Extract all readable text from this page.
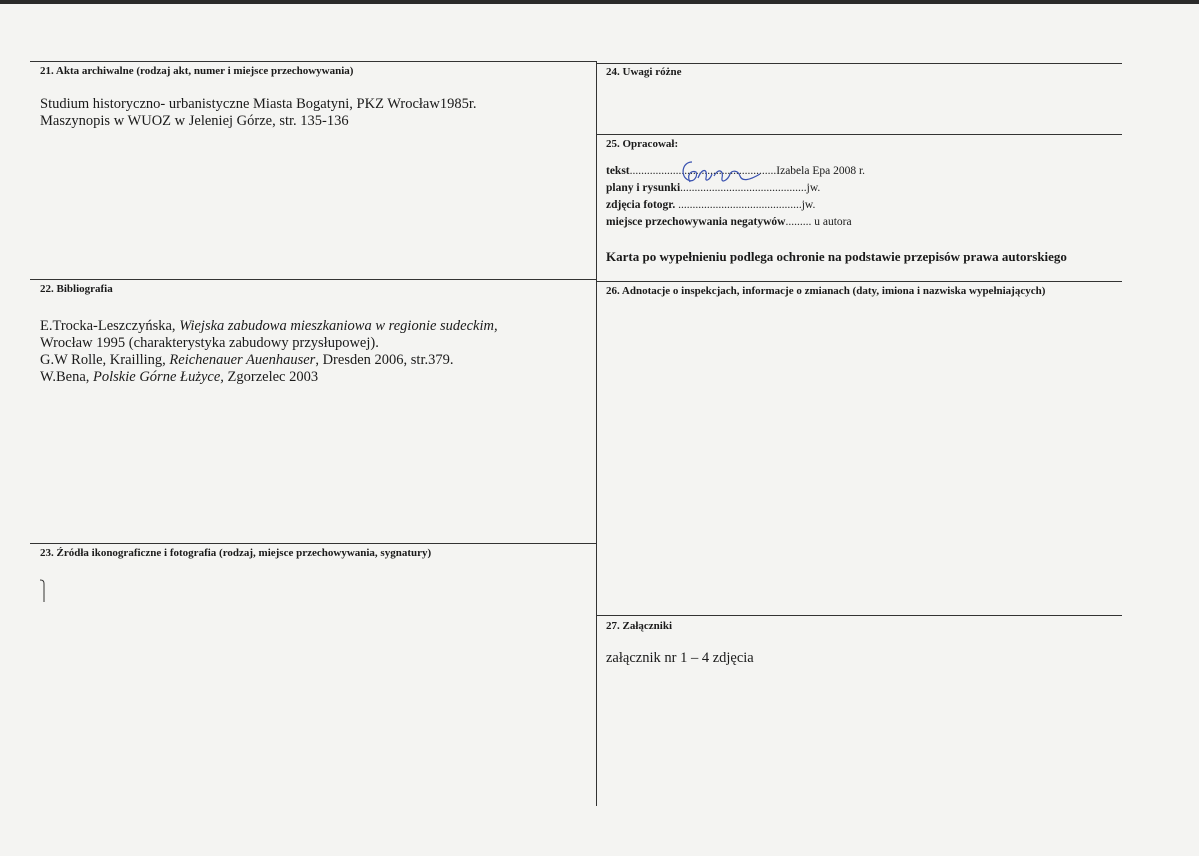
21. Akta archiwalne (rodzaj akt, numer i miejsce przechowywania)
Studium historyczno- urbanistyczne Miasta Bogatyni, PKZ Wrocław1985r.
Maszynopis w WUOZ w Jeleniej Górze, str. 135-136
24. Uwagi różne
25. Opracował:
tekst...................................................Izabela Epa 2008 r.
plany i rysunki............................................jw.
zdjęcia fotogr. ...........................................jw.
miejsce przechowywania negatywów......... u autora
Karta po wypełnieniu podlega ochronie na podstawie przepisów prawa autorskiego
22. Bibliografia
E.Trocka-Leszczyńska, Wiejska zabudowa mieszkaniowa w regionie sudeckim,
Wrocław 1995 (charakterystyka zabudowy przysłupowej).
G.W Rolle, Krailling, Reichenauer Auenhauser, Dresden 2006, str.379.
W.Bena, Polskie Górne Łużyce, Zgorzelec 2003
26. Adnotacje o inspekcjach, informacje o zmianach (daty, imiona i nazwiska wypełniających)
23. Źródła ikonograficzne i fotografia (rodzaj, miejsce przechowywania, sygnatury)
27. Załączniki
załącznik nr 1 – 4 zdjęcia
